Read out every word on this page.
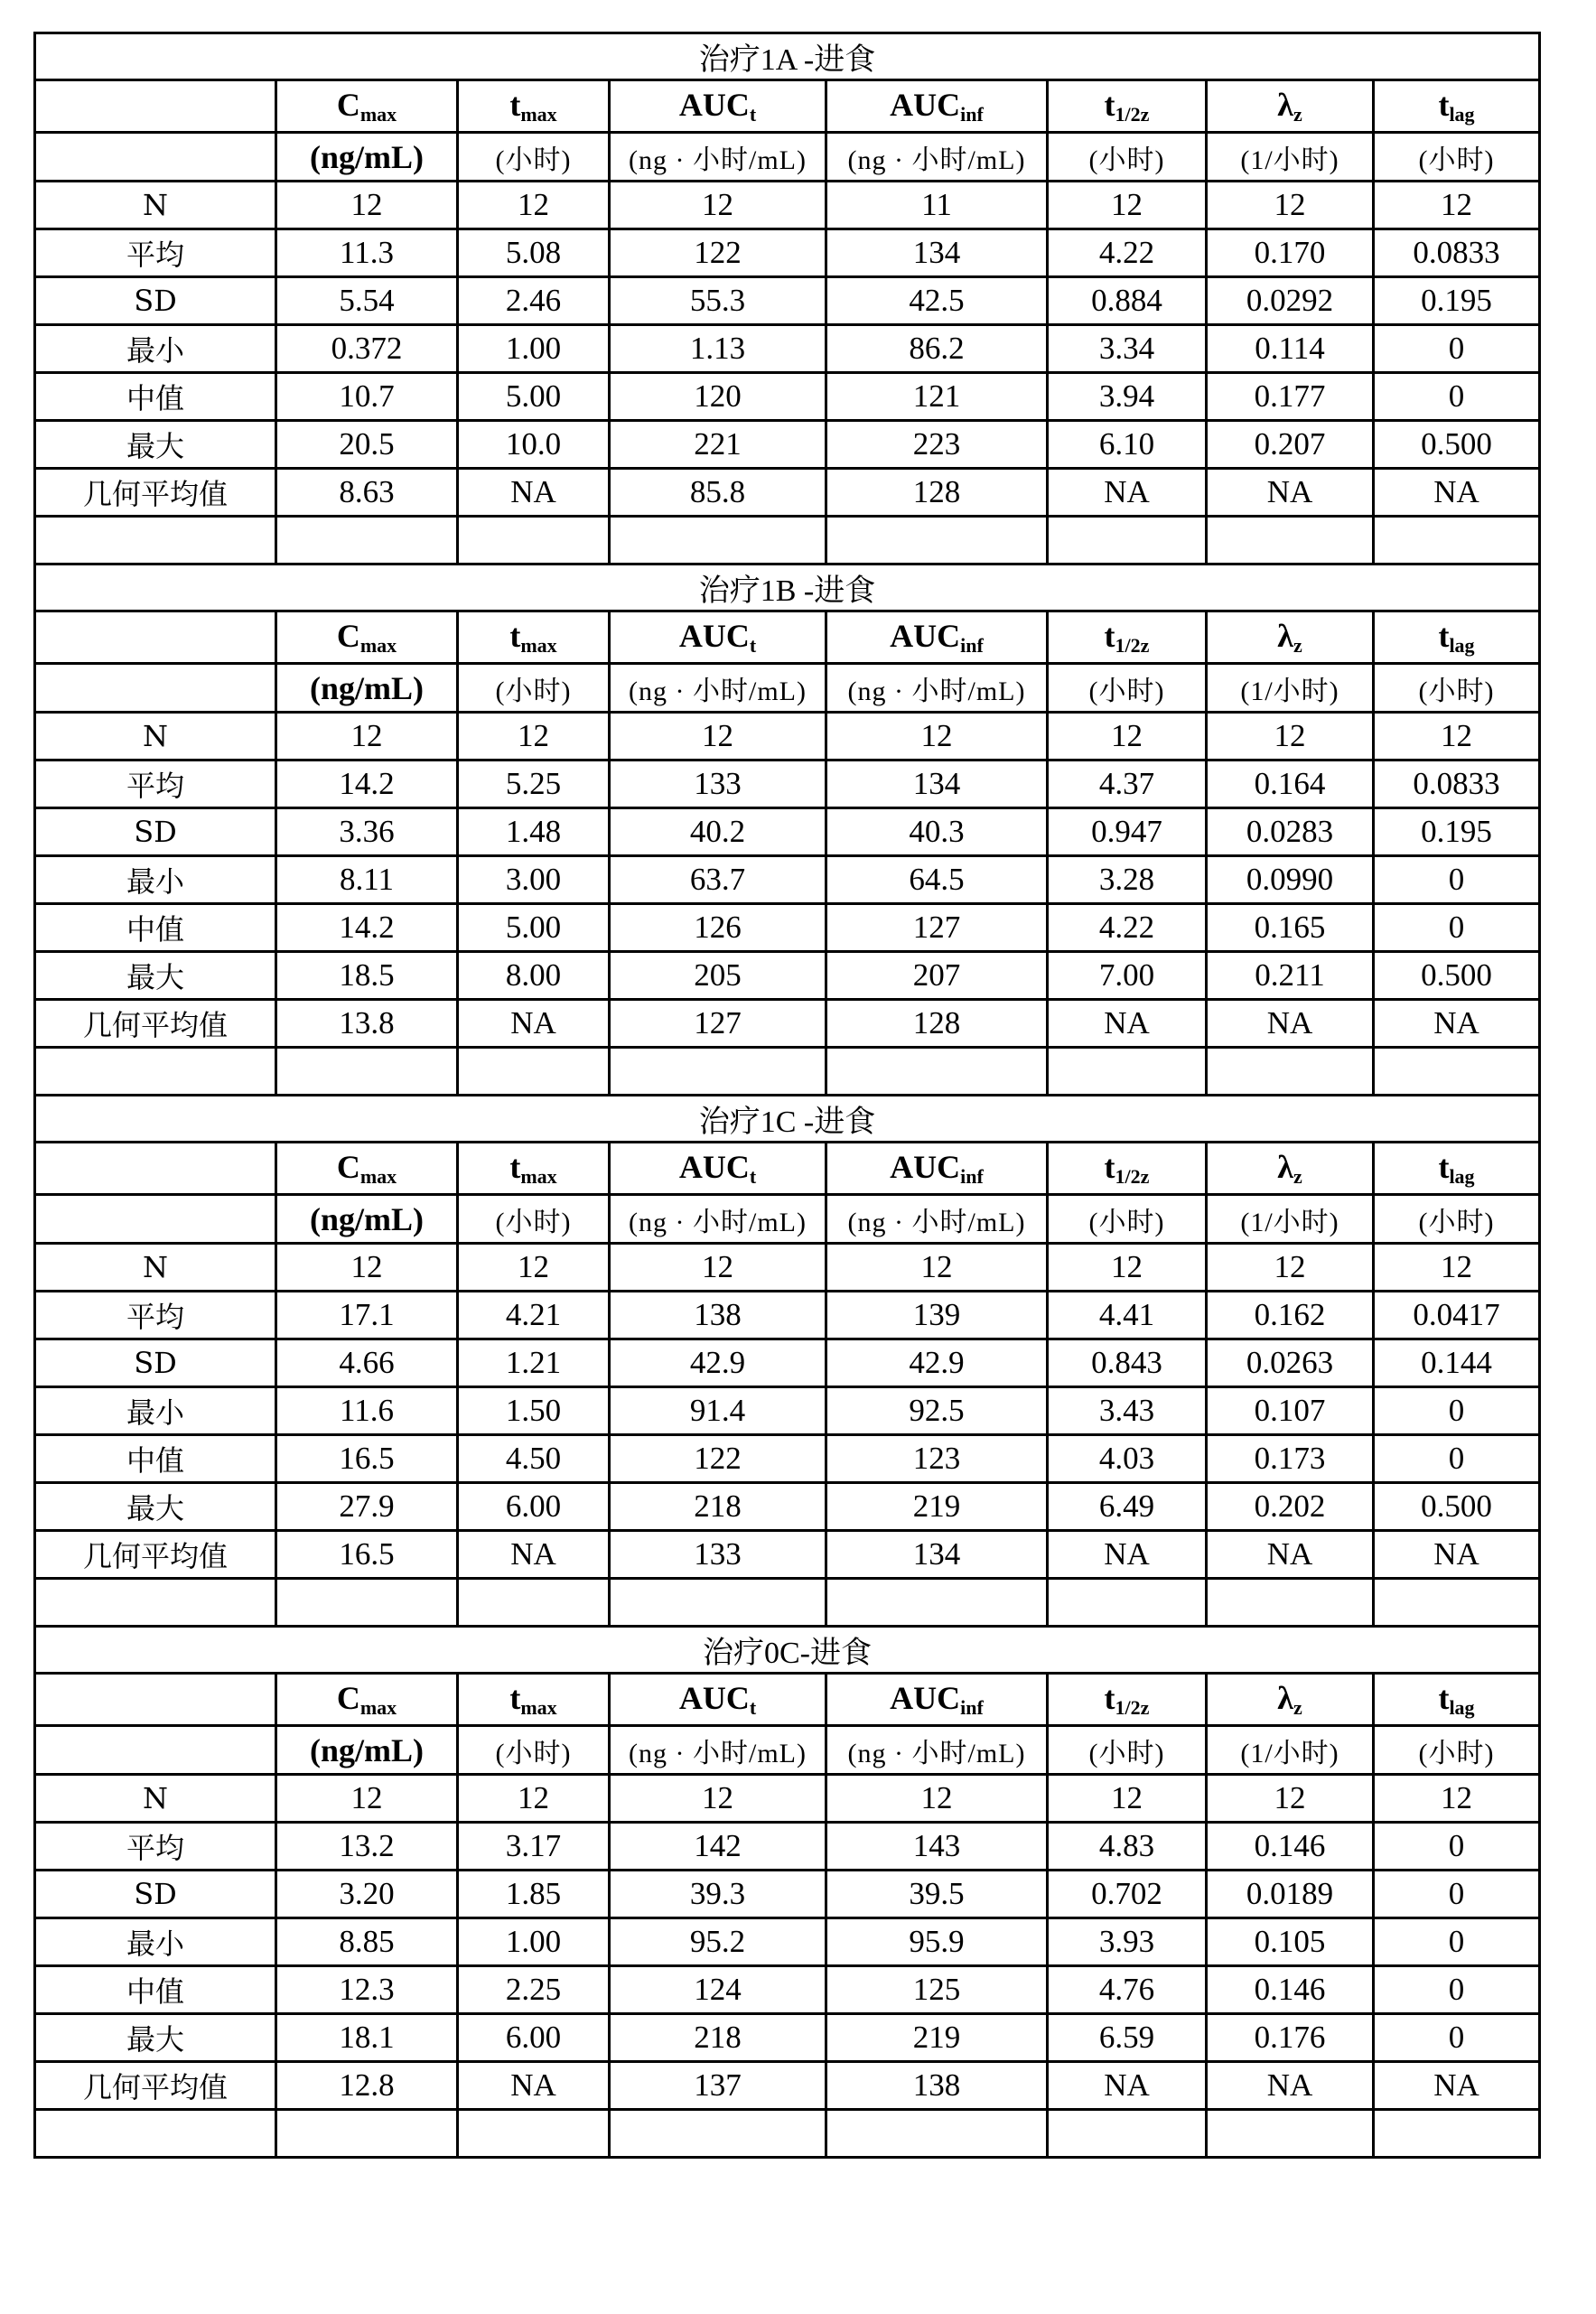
治疗1A -进食							
	$C_{max}$	$t_{max}$	$AUC_t$	$AUC_{inf}$	$t_{1/2z}$	$\lambda_z$	$t_{lag}$
	(ng/mL)	(小时)	(ng · 小时/mL)	(ng · 小时/mL)	(小时)	(1/小时)	(小时)
N	12	12	12	11	12	12	12
平均	11.3	5.08	122	134	4.22	0.170	0.0833
SD	5.54	2.46	55.3	42.5	0.884	0.0292	0.195
最小	0.372	1.00	1.13	86.2	3.34	0.114	0
中值	10.7	5.00	120	121	3.94	0.177	0
最大	20.5	10.0	221	223	6.10	0.207	0.500
几何平均值	8.63	NA	85.8	128	NA	NA	NA

治疗1B -进食							
	$C_{max}$	$t_{max}$	$AUC_t$	$AUC_{inf}$	$t_{1/2z}$	$\lambda_z$	$t_{lag}$
	(ng/mL)	(小时)	(ng · 小时/mL)	(ng · 小时/mL)	(小时)	(1/小时)	(小时)
N	12	12	12	12	12	12	12
平均	14.2	5.25	133	134	4.37	0.164	0.0833
SD	3.36	1.48	40.2	40.3	0.947	0.0283	0.195
最小	8.11	3.00	63.7	64.5	3.28	0.0990	0
中值	14.2	5.00	126	127	4.22	0.165	0
最大	18.5	8.00	205	207	7.00	0.211	0.500
几何平均值	13.8	NA	127	128	NA	NA	NA

治疗1C -进食							
	$C_{max}$	$t_{max}$	$AUC_t$	$AUC_{inf}$	$t_{1/2z}$	$\lambda_z$	$t_{lag}$
	(ng/mL)	(小时)	(ng · 小时/mL)	(ng · 小时/mL)	(小时)	(1/小时)	(小时)
N	12	12	12	12	12	12	12
平均	17.1	4.21	138	139	4.41	0.162	0.0417
SD	4.66	1.21	42.9	42.9	0.843	0.0263	0.144
最小	11.6	1.50	91.4	92.5	3.43	0.107	0
中值	16.5	4.50	122	123	4.03	0.173	0
最大	27.9	6.00	218	219	6.49	0.202	0.500
几何平均值	16.5	NA	133	134	NA	NA	NA

治疗0C-进食							
	$C_{max}$	$t_{max}$	$AUC_t$	$AUC_{inf}$	$t_{1/2z}$	$\lambda_z$	$t_{lag}$
	(ng/mL)	(小时)	(ng · 小时/mL)	(ng · 小时/mL)	(小时)	(1/小时)	(小时)
N	12	12	12	12	12	12	12
平均	13.2	3.17	142	143	4.83	0.146	0
SD	3.20	1.85	39.3	39.5	0.702	0.0189	0
最小	8.85	1.00	95.2	95.9	3.93	0.105	0
中值	12.3	2.25	124	125	4.76	0.146	0
最大	18.1	6.00	218	219	6.59	0.176	0
几何平均值	12.8	NA	137	138	NA	NA	NA
